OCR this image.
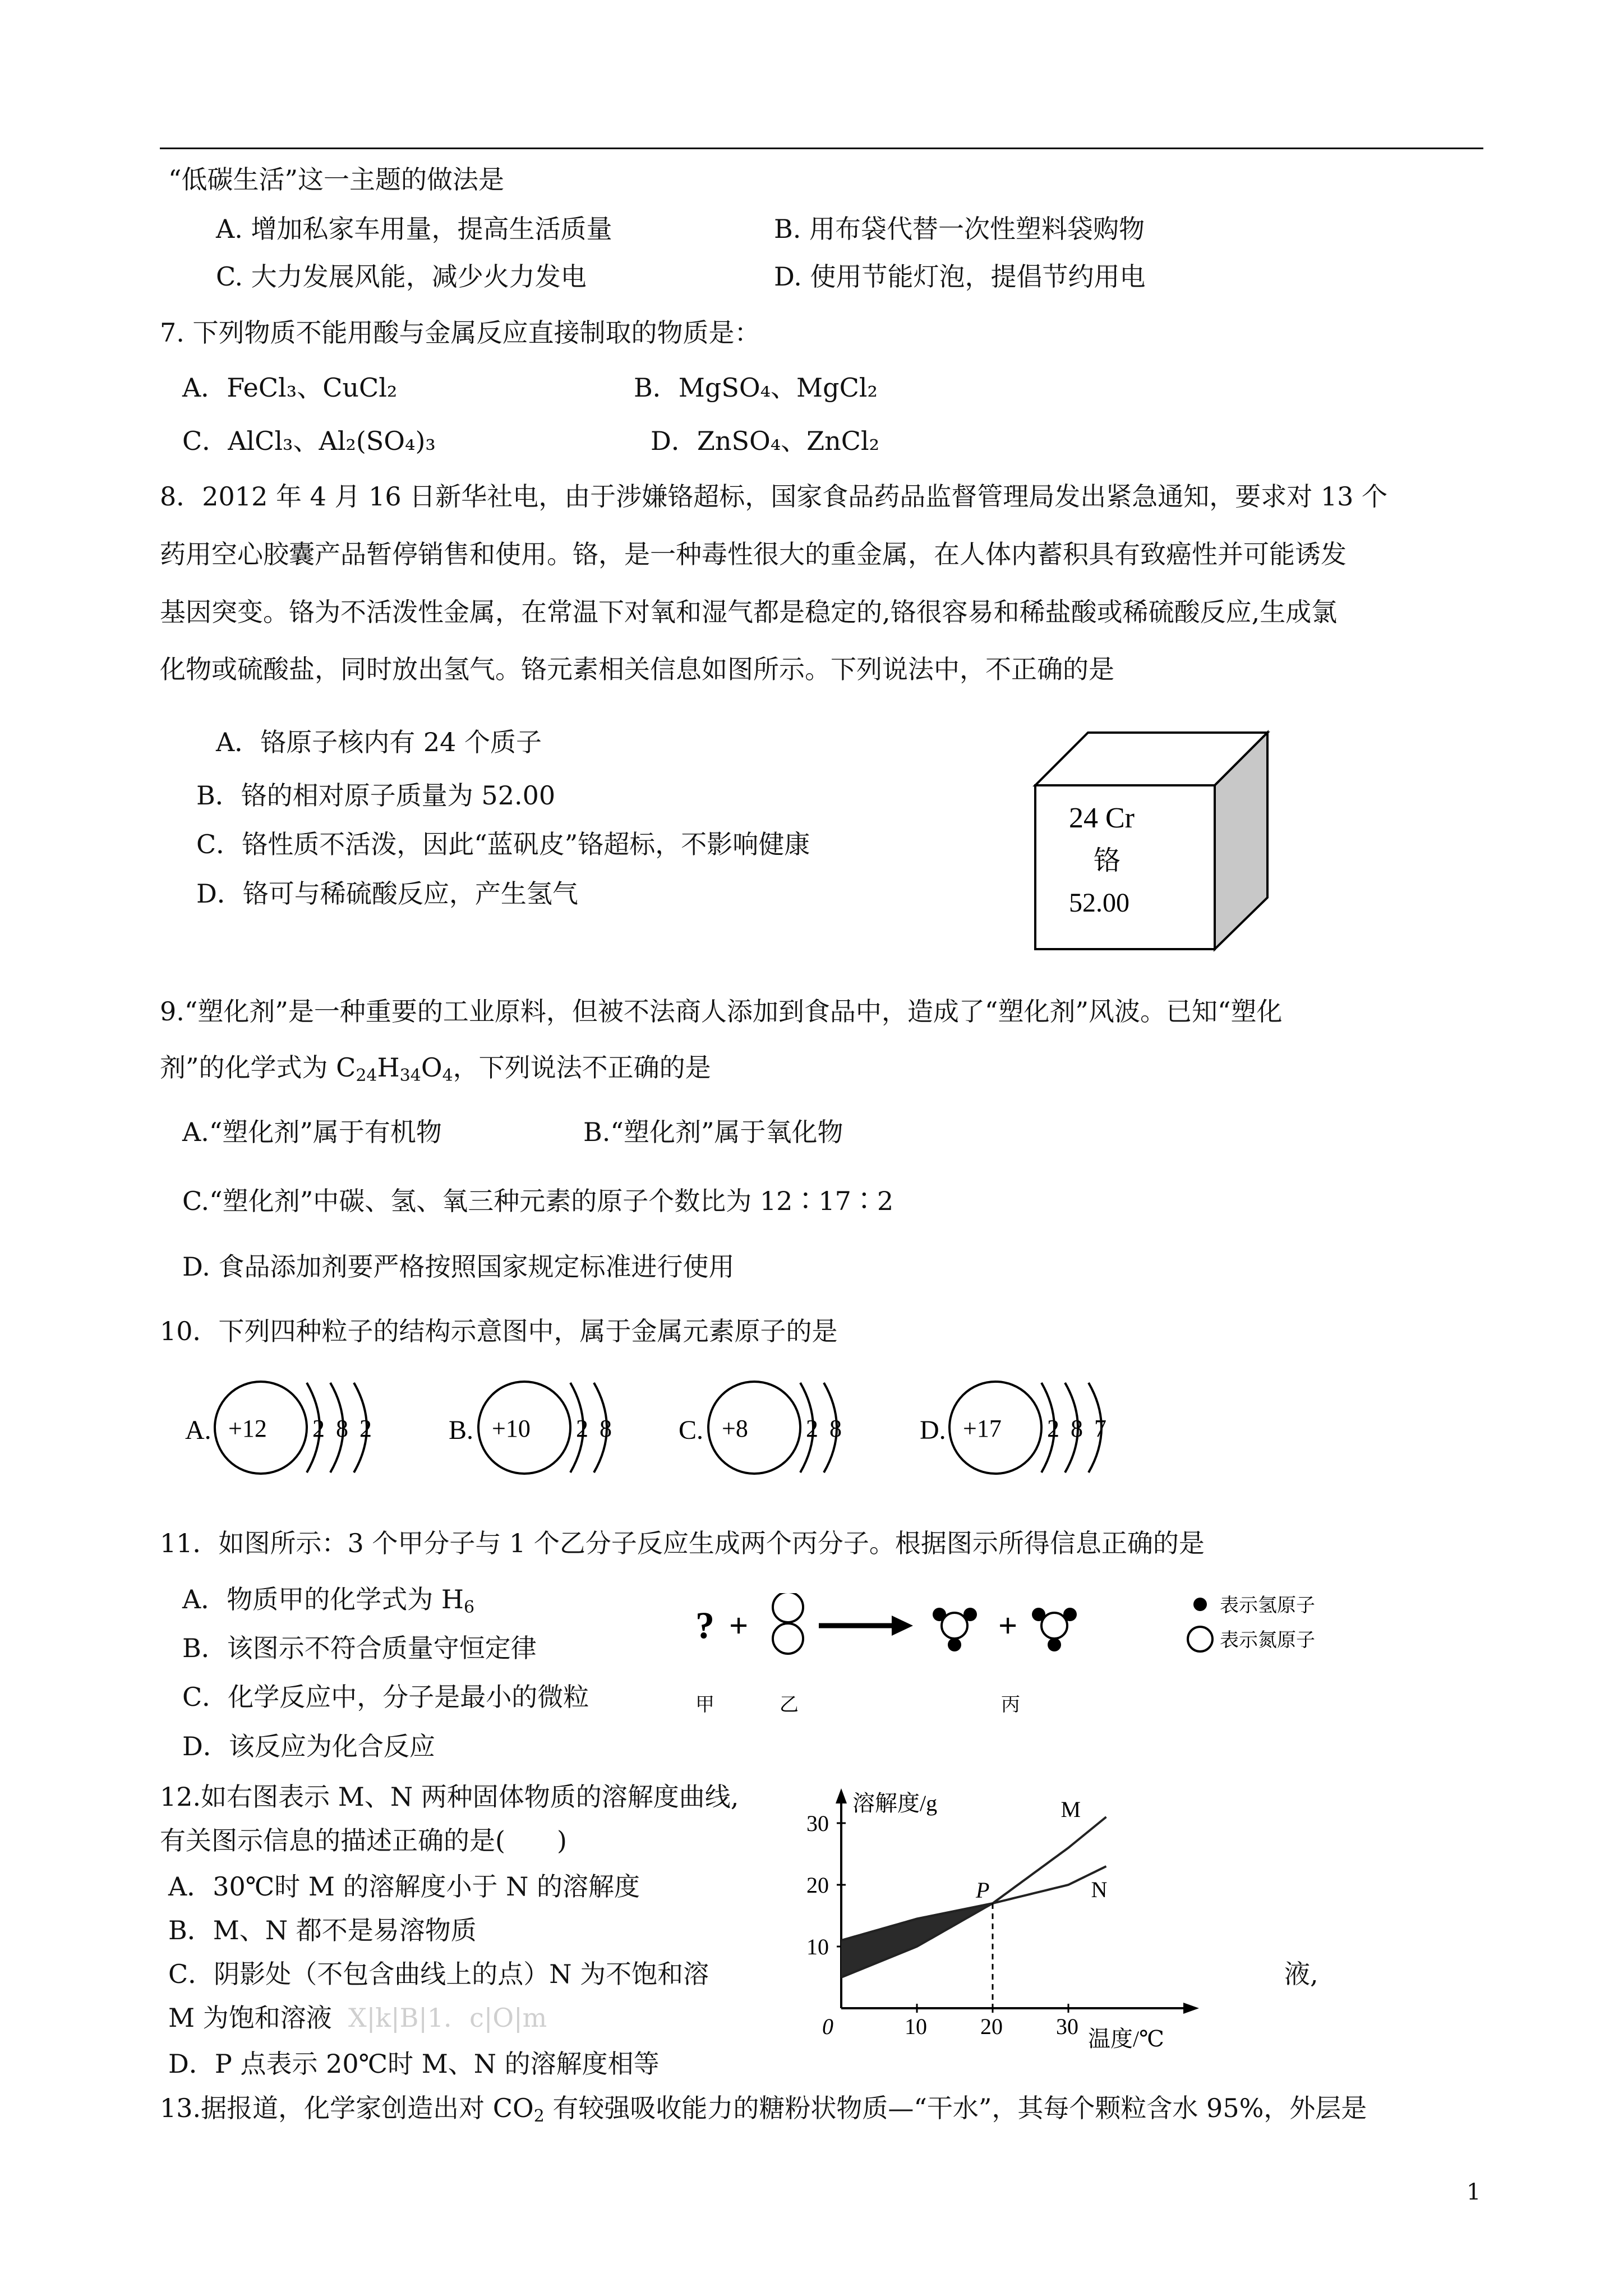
“低碳生活”这一主题的做法是
A. 增加私家车用量，提高生活质量	B. 用布袋代替一次性塑料袋购物
C. 大力发展风能，减少火力发电	D. 使用节能灯泡，提倡节约用电
7. 下列物质不能用酸与金属反应直接制取的物质是：
A．FeCl₃、CuCl₂	B．MgSO₄、MgCl₂
C．AlCl₃、Al₂(SO₄)₃	D．ZnSO₄、ZnCl₂
8．2012 年 4 月 16 日新华社电，由于涉嫌铬超标，国家食品药品监督管理局发出紧急通知，要求对 13 个
药用空心胶囊产品暂停销售和使用。铬，是一种毒性很大的重金属，在人体内蓄积具有致癌性并可能诱发
基因突变。铬为不活泼性金属，在常温下对氧和湿气都是稳定的,铬很容易和稀盐酸或稀硫酸反应,生成氯
化物或硫酸盐，同时放出氢气。铬元素相关信息如图所示。下列说法中，不正确的是
A．铬原子核内有 24 个质子
B．铬的相对原子质量为 52.00
C．铬性质不活泼，因此“蓝矾皮”铬超标，不影响健康
D．铬可与稀硫酸反应，产生氢气
24 Cr
铬
52.00
9.“塑化剂”是一种重要的工业原料，但被不法商人添加到食品中，造成了“塑化剂”风波。已知“塑化
剂”的化学式为 $C_{24}H_{34}O_4$，下列说法不正确的是
A.“塑化剂”属于有机物	B.“塑化剂”属于氧化物
C.“塑化剂”中碳、氢、氧三种元素的原子个数比为 12∶17∶2
D. 食品添加剂要严格按照国家规定标准进行使用
10．下列四种粒子的结构示意图中，属于金属元素原子的是
A. +12 2 8 2	B. +10 2 8 C. +8 2 8	D. +17 2 8 7
11．如图所示：3 个甲分子与 1 个乙分子反应生成两个丙分子。根据图示所得信息正确的是
A．物质甲的化学式为 $H_6$
B．该图示不符合质量守恒定律
C．化学反应中，分子是最小的微粒
D．该反应为化合反应
? +	+
表示氢原子
表示氮原子
甲	乙	丙
12.如右图表示 M、N 两种固体物质的溶解度曲线,
有关图示信息的描述正确的是(　　)
A．30℃时 M 的溶解度小于 N 的溶解度
B．M、N 都不是易溶物质
C．阴影处（不包含曲线上的点）N 为不饱和溶	液,
M 为饱和溶液 X|k|B|1．c|O|m
D．P 点表示 20℃时 M、N 的溶解度相等
溶解度/g
温度/℃
10
20
30
0	10 20 30
M
N
P
13.据报道，化学家创造出对 $CO_2$ 有较强吸收能力的糖粉状物质—“干水”，其每个颗粒含水 95%，外层是
1
